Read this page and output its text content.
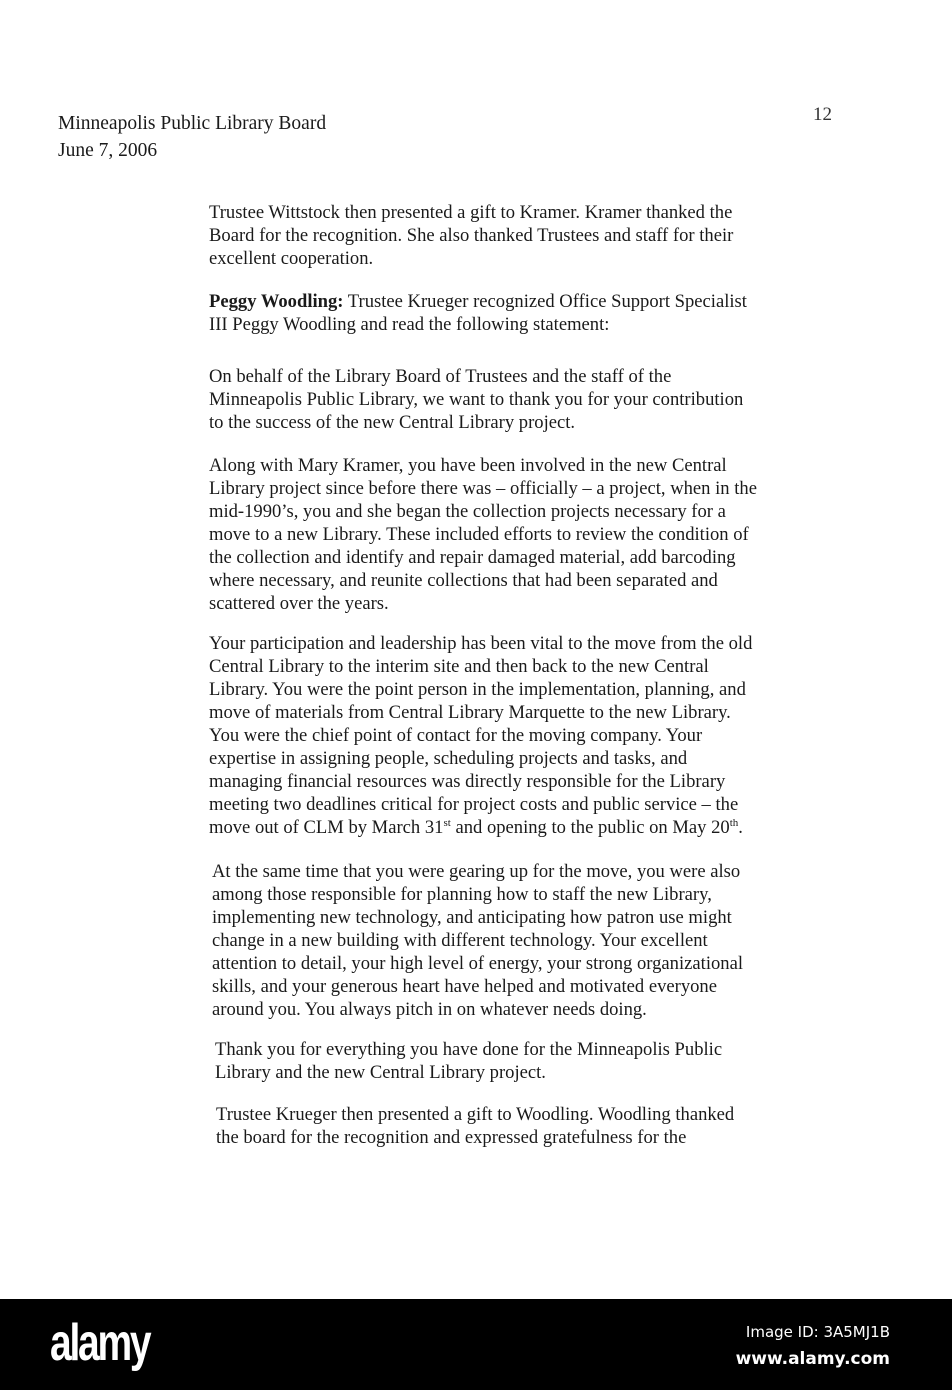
Minneapolis Public Library Board
June 7, 2006
12
Trustee Wittstock then presented a gift to Kramer. Kramer thanked the
Board for the recognition. She also thanked Trustees and staff for their
excellent cooperation.
Peggy Woodling: Trustee Krueger recognized Office Support Specialist
III Peggy Woodling and read the following statement:
On behalf of the Library Board of Trustees and the staff of the
Minneapolis Public Library, we want to thank you for your contribution
to the success of the new Central Library project.
Along with Mary Kramer, you have been involved in the new Central
Library project since before there was – officially – a project, when in the
mid-1990’s, you and she began the collection projects necessary for a
move to a new Library. These included efforts to review the condition of
the collection and identify and repair damaged material, add barcoding
where necessary, and reunite collections that had been separated and
scattered over the years.
Your participation and leadership has been vital to the move from the old
Central Library to the interim site and then back to the new Central
Library. You were the point person in the implementation, planning, and
move of materials from Central Library Marquette to the new Library.
You were the chief point of contact for the moving company. Your
expertise in assigning people, scheduling projects and tasks, and
managing financial resources was directly responsible for the Library
meeting two deadlines critical for project costs and public service – the
move out of CLM by March 31st and opening to the public on May 20th.
At the same time that you were gearing up for the move, you were also
among those responsible for planning how to staff the new Library,
implementing new technology, and anticipating how patron use might
change in a new building with different technology. Your excellent
attention to detail, your high level of energy, your strong organizational
skills, and your generous heart have helped and motivated everyone
around you. You always pitch in on whatever needs doing.
Thank you for everything you have done for the Minneapolis Public
Library and the new Central Library project.
Trustee Krueger then presented a gift to Woodling. Woodling thanked
the board for the recognition and expressed gratefulness for the
alamy	Image ID: 3A5MJ1B
www.alamy.com
